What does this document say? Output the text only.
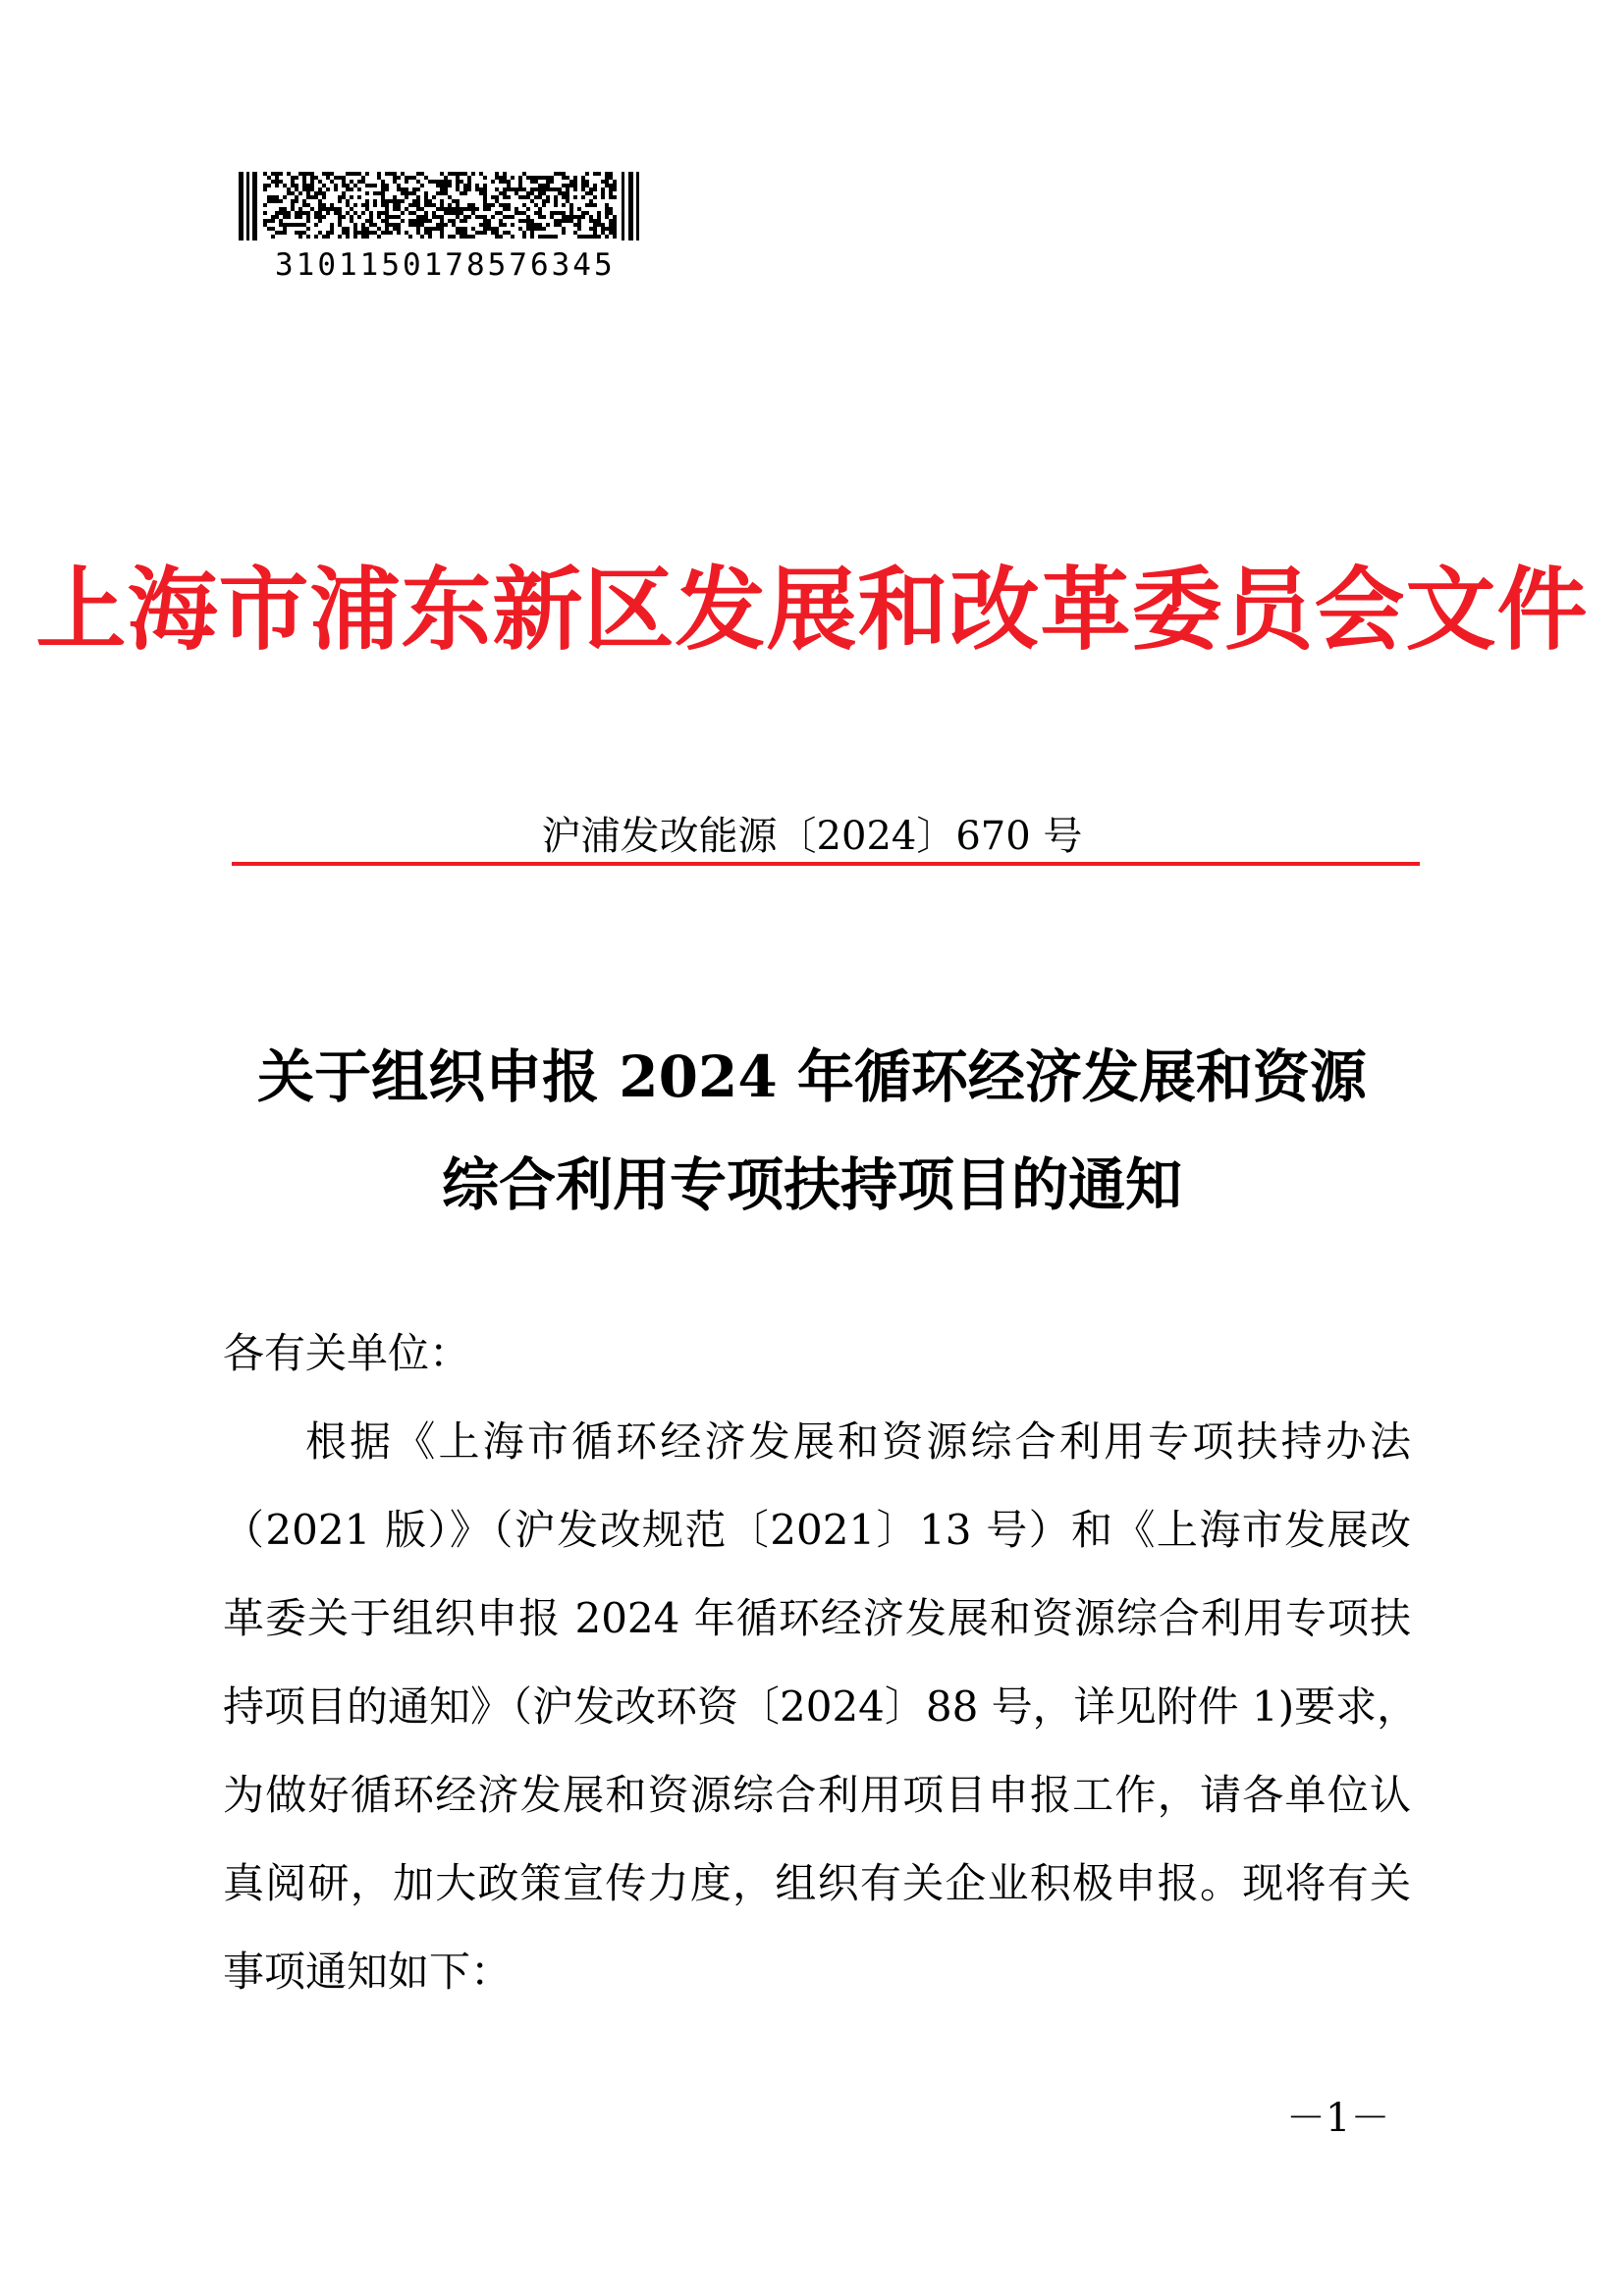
3101150178576345
上海市浦东新区发展和改革委员会文件
沪浦发改能源〔2024〕670 号
关于组织申报 2024 年循环经济发展和资源
综合利用专项扶持项目的通知
各有关单位：
根据《上海市循环经济发展和资源综合利用专项扶持办法
（2021 版）》（沪发改规范〔2021〕13 号）和《上海市发展改
革委关于组织申报 2024 年循环经济发展和资源综合利用专项扶
持项目的通知》（沪发改环资〔2024〕88 号，详见附件 1)要求，
为做好循环经济发展和资源综合利用项目申报工作，请各单位认
真阅研，加大政策宣传力度，组织有关企业积极申报。现将有关
事项通知如下：
－1－
